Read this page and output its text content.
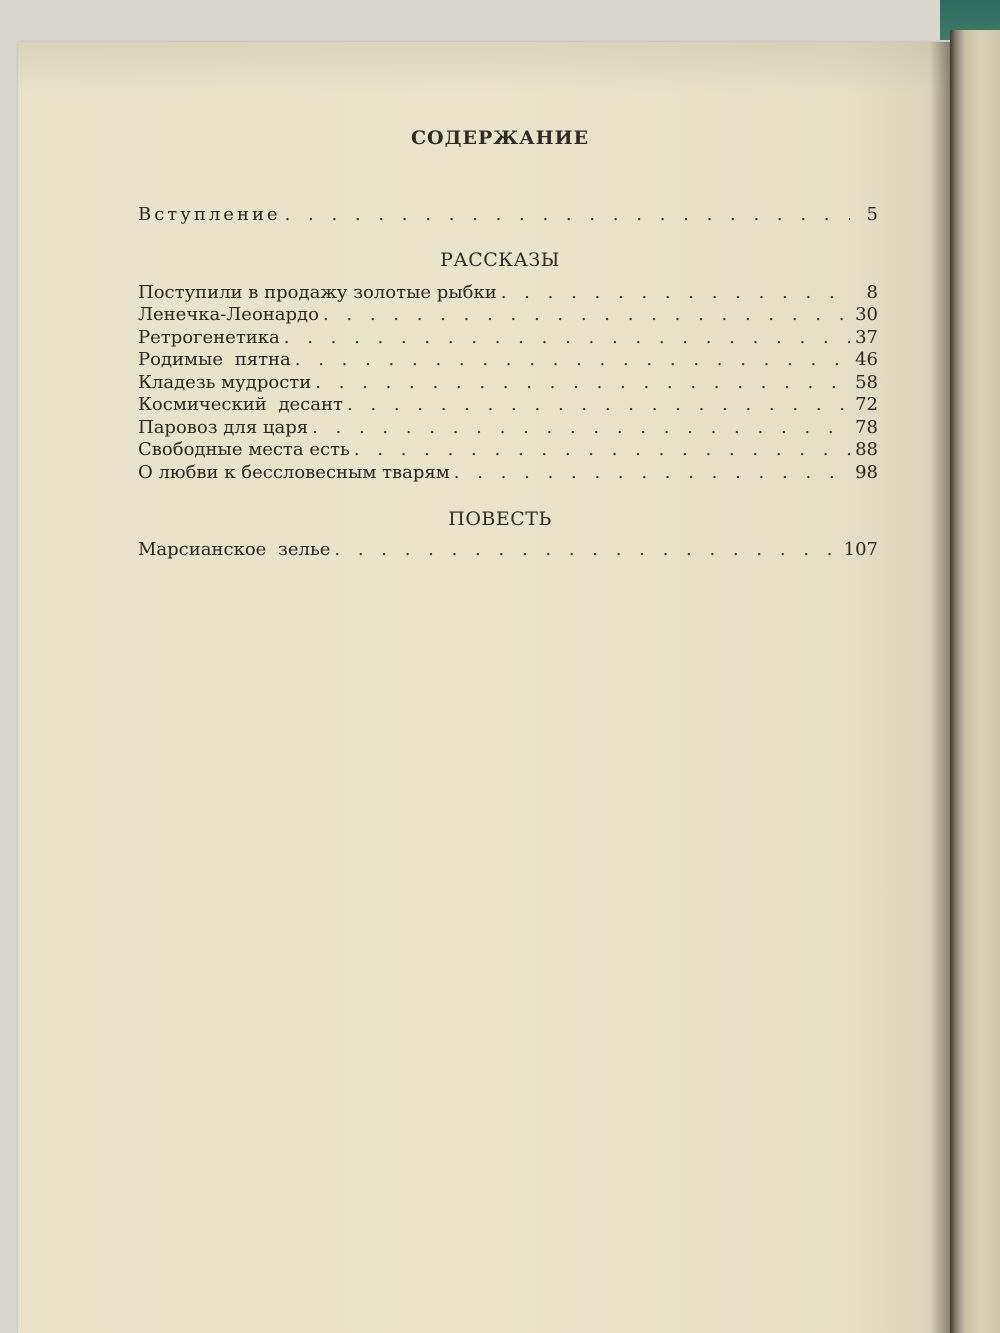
СОДЕРЖАНИЕ
Вступление . . .	5
РАССКАЗЫ
Поступили в продажу золотые рыбки . . .	8
Ленечка-Леонардо . . .	30
Ретрогенетика . . .	37
Родимые пятна . . .	46
Кладезь мудрости . . .	58
Космический десант . . .	72
Паровоз для царя . . .	78
Свободные места есть . . .	88
О любви к бессловесным тварям . . .	98
ПОВЕСТЬ
Марсианское зелье . . .	107
